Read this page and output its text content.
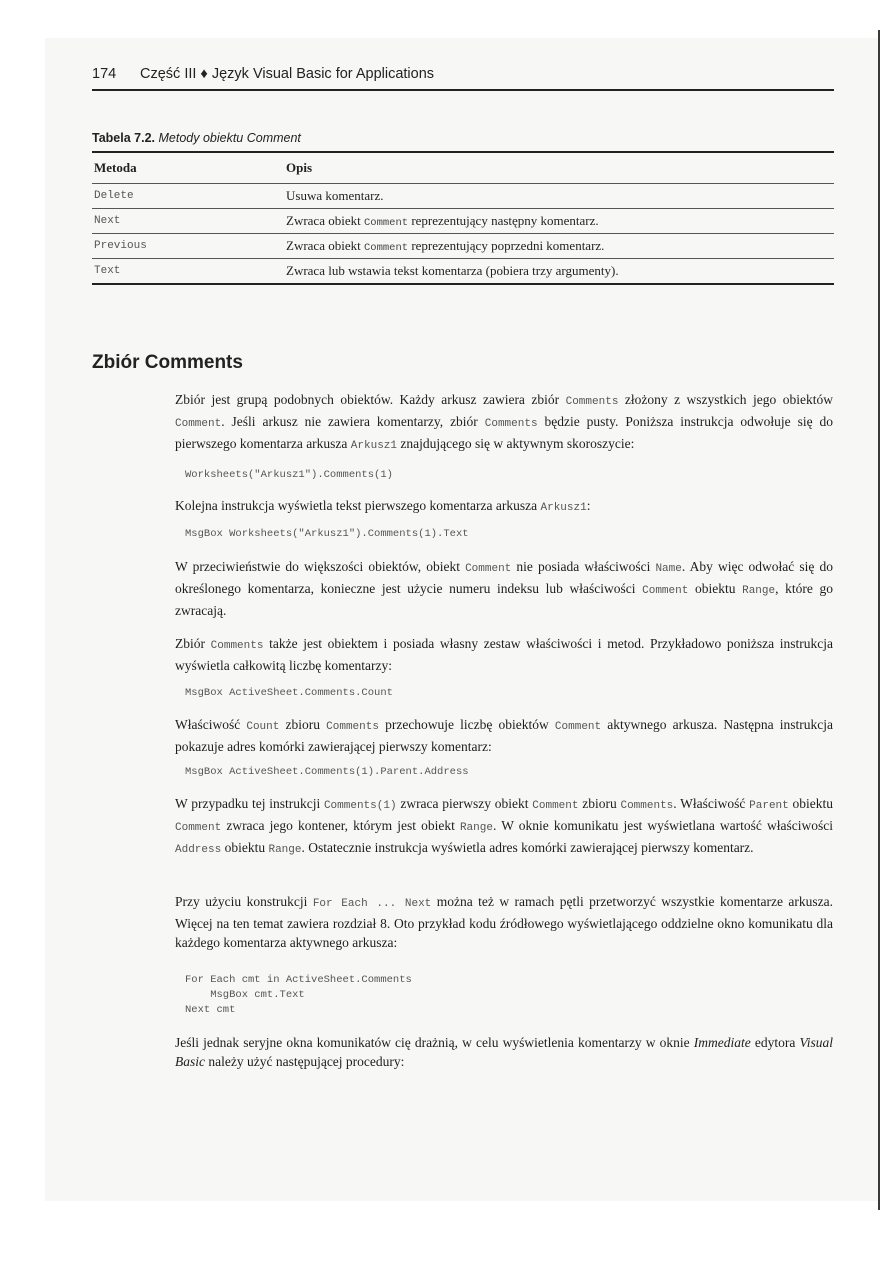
174 Część III ♦ Język Visual Basic for Applications
Tabela 7.2. Metody obiektu Comment
Metoda	Opis
Delete	Usuwa komentarz.
Next	Zwraca obiekt Comment reprezentujący następny komentarz.
Previous	Zwraca obiekt Comment reprezentujący poprzedni komentarz.
Text	Zwraca lub wstawia tekst komentarza (pobiera trzy argumenty).
Zbiór Comments
Zbiór jest grupą podobnych obiektów. Każdy arkusz zawiera zbiór Comments złożony z wszystkich jego obiektów Comment. Jeśli arkusz nie zawiera komentarzy, zbiór Comments będzie pusty. Poniższa instrukcja odwołuje się do pierwszego komentarza arkusza Arkusz1 znajdującego się w aktywnym skoroszycie:
Worksheets("Arkusz1").Comments(1)
Kolejna instrukcja wyświetla tekst pierwszego komentarza arkusza Arkusz1:
MsgBox Worksheets("Arkusz1").Comments(1).Text
W przeciwieństwie do większości obiektów, obiekt Comment nie posiada właściwości Name. Aby więc odwołać się do określonego komentarza, konieczne jest użycie numeru indeksu lub właściwości Comment obiektu Range, które go zwracają.
Zbiór Comments także jest obiektem i posiada własny zestaw właściwości i metod. Przykładowo poniższa instrukcja wyświetla całkowitą liczbę komentarzy:
MsgBox ActiveSheet.Comments.Count
Właściwość Count zbioru Comments przechowuje liczbę obiektów Comment aktywnego arkusza. Następna instrukcja pokazuje adres komórki zawierającej pierwszy komentarz:
MsgBox ActiveSheet.Comments(1).Parent.Address
W przypadku tej instrukcji Comments(1) zwraca pierwszy obiekt Comment zbioru Comments. Właściwość Parent obiektu Comment zwraca jego kontener, którym jest obiekt Range. W oknie komunikatu jest wyświetlana wartość właściwości Address obiektu Range. Ostatecznie instrukcja wyświetla adres komórki zawierającej pierwszy komentarz.
Przy użyciu konstrukcji For Each ... Next można też w ramach pętli przetworzyć wszystkie komentarze arkusza. Więcej na ten temat zawiera rozdział 8. Oto przykład kodu źródłowego wyświetlającego oddzielne okno komunikatu dla każdego komentarza aktywnego arkusza:
For Each cmt in ActiveSheet.Comments
MsgBox cmt.Text
Next cmt
Jeśli jednak seryjne okna komunikatów cię drażnią, w celu wyświetlenia komentarzy w oknie Immediate edytora Visual Basic należy użyć następującej procedury:
